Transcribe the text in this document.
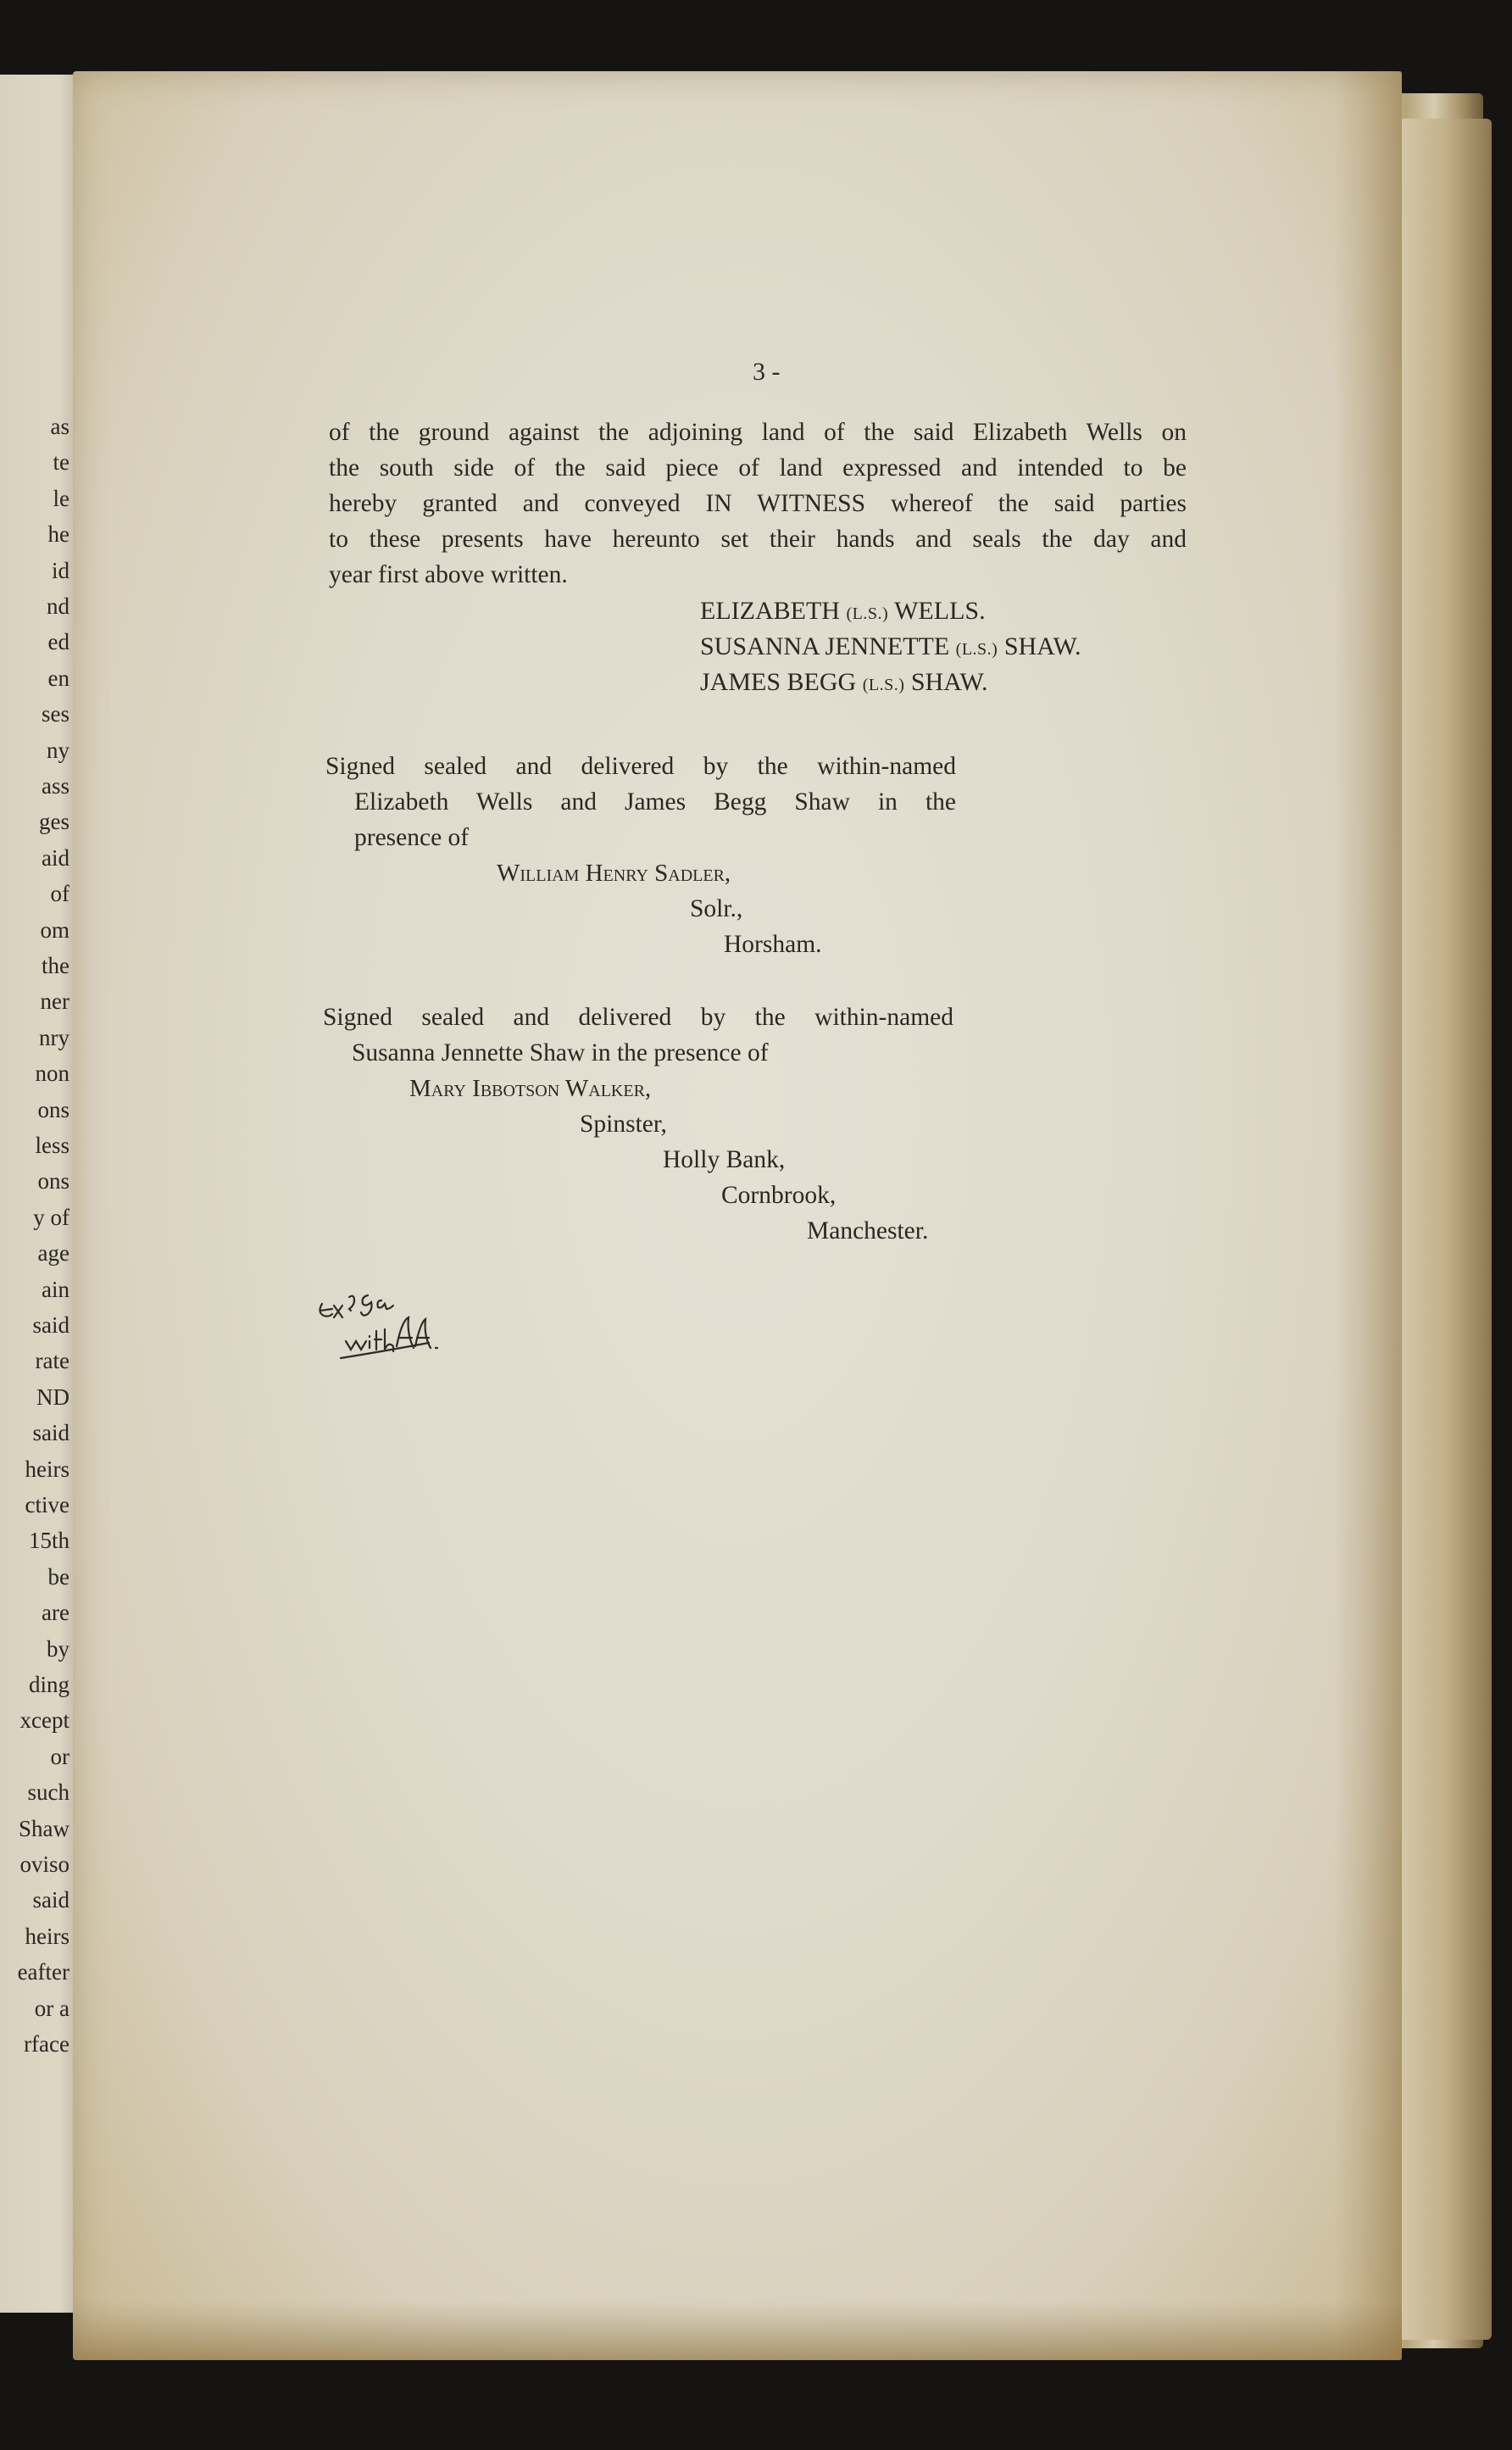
as
te
le
he
id
nd
ed
en
ses
ny
ass
ges
aid
of
om
the
ner
nry
non
ons
less
ons
y of
age
ain
said
rate
ND
said
heirs
ctive
15th
be
are
by
ding
xcept
or
such
Shaw
oviso
said
heirs
eafter
or a
rface
3 -
of the ground against the adjoining land of the said Elizabeth Wells on
the south side of the said piece of land expressed and intended to be
hereby granted and conveyed IN WITNESS whereof the said parties
to these presents have hereunto set their hands and seals the day and
year first above written.
ELIZABETH (L.S.) WELLS.
SUSANNA JENNETTE (L.S.) SHAW.
JAMES BEGG (L.S.) SHAW.
Signed sealed and delivered by the within-named
Elizabeth Wells and James Begg Shaw in the
presence of
William Henry Sadler,
Solr.,
Horsham.
Signed sealed and delivered by the within-named
Susanna Jennette Shaw in the presence of
Mary Ibbotson Walker,
Spinster,
Holly Bank,
Cornbrook,
Manchester.
